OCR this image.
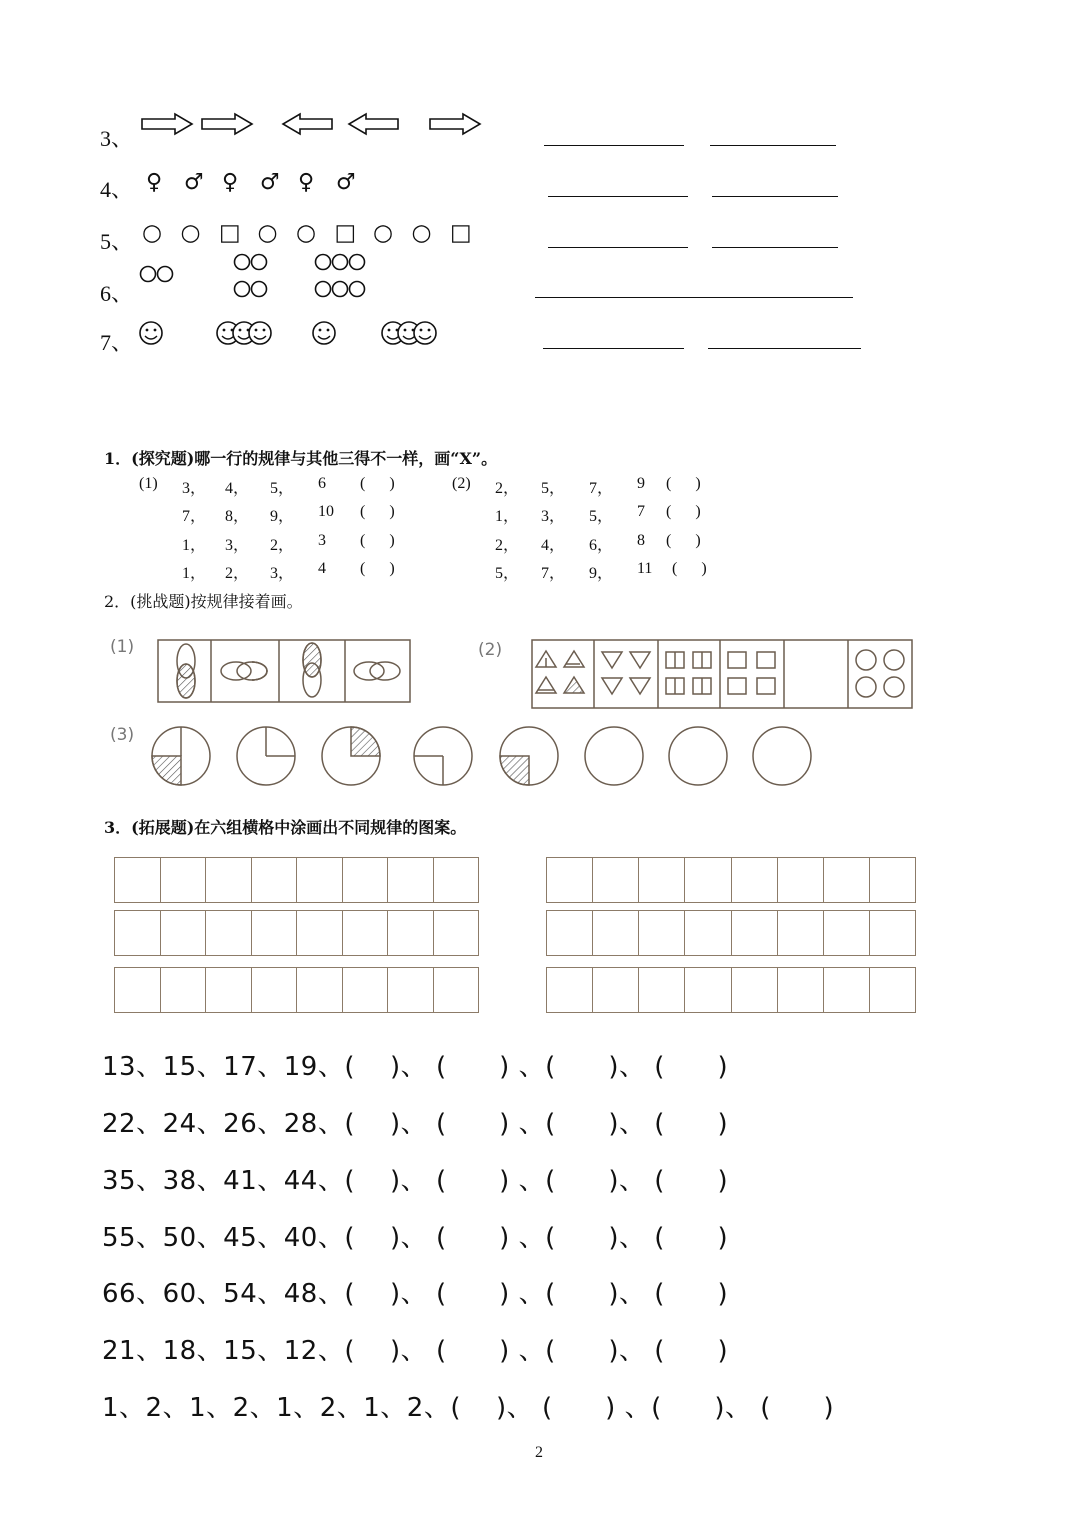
3、
4、 ♀ ♂ ♀ ♂ ♀ ♂
5、 ○ ○ □ ○ ○ □ ○ ○ □
6、
7、
1．(探究题)哪一行的规律与其他三得不一样，画“X”。
(1)	(2)
3， 4， 5， 6 (      )
7， 8， 9， 10 (      )
1， 3， 2， 3 (      )
1， 2， 3， 4 (      )
2， 5， 7， 9 (      )
1， 3， 5， 7 (      )
2， 4， 6， 8 (      )
5， 7， 9， 11 (      )
2．(挑战题)按规律接着画。
(1)	(2)
(3)
3．(拓展题)在六组横格中涂画出不同规律的图案。
13、15、17、19、(    )、 (      ) 、(      )、 (      )
22、24、26、28、(    )、 (      ) 、(      )、 (      )
35、38、41、44、(    )、 (      ) 、(      )、 (      )
55、50、45、40、(    )、 (      ) 、(      )、 (      )
66、60、54、48、(    )、 (      ) 、(      )、 (      )
21、18、15、12、(    )、 (      ) 、(      )、 (      )
1、2、1、2、1、2、1、2、(    )、 (      ) 、(      )、 (      )
2
